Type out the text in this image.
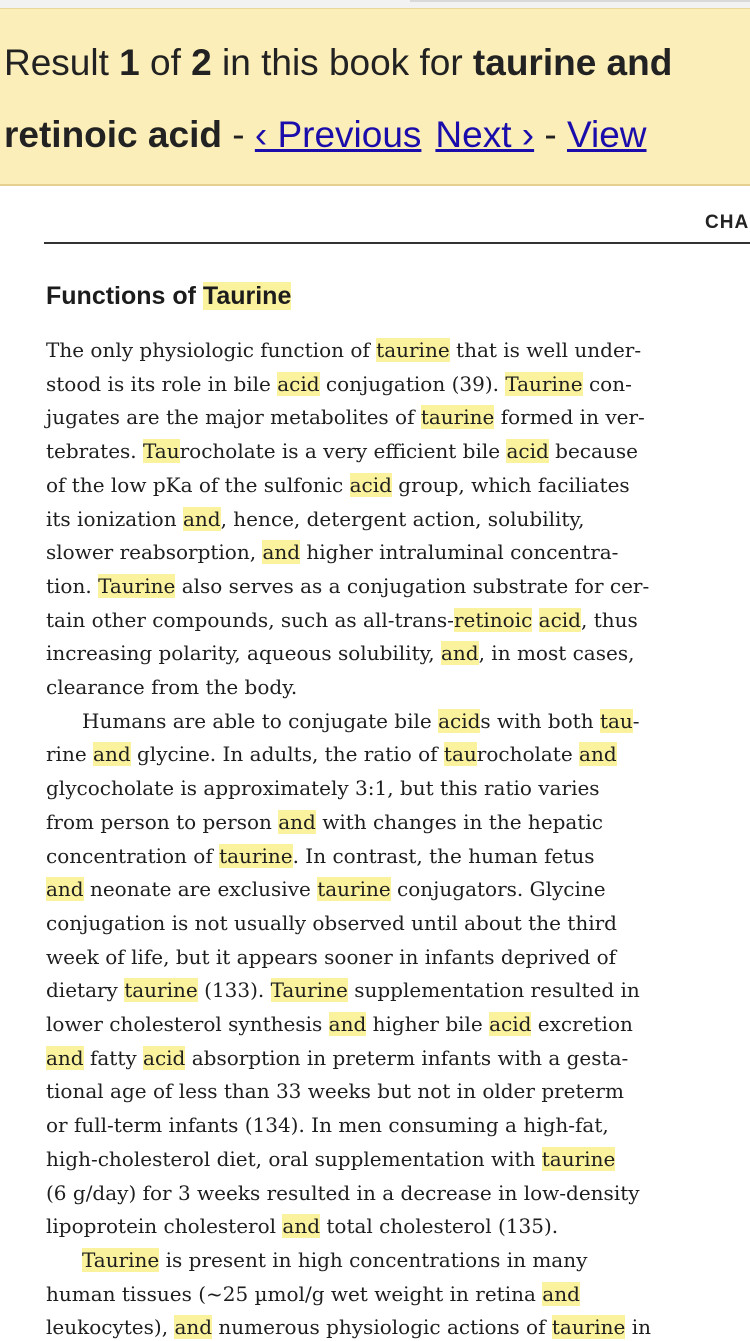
Result 1 of 2 in this book for taurine and
retinoic acid - ‹ Previous Next › - View
CHA
Functions of Taurine
The only physiologic function of taurine that is well under-
stood is its role in bile acid conjugation (39). Taurine con-
jugates are the major metabolites of taurine formed in ver-
tebrates. Taurocholate is a very efficient bile acid because
of the low pKa of the sulfonic acid group, which faciliates
its ionization and, hence, detergent action, solubility,
slower reabsorption, and higher intraluminal concentra-
tion. Taurine also serves as a conjugation substrate for cer-
tain other compounds, such as all-trans-retinoic acid, thus
increasing polarity, aqueous solubility, and, in most cases,
clearance from the body.
Humans are able to conjugate bile acids with both tau-
rine and glycine. In adults, the ratio of taurocholate and
glycocholate is approximately 3:1, but this ratio varies
from person to person and with changes in the hepatic
concentration of taurine. In contrast, the human fetus
and neonate are exclusive taurine conjugators. Glycine
conjugation is not usually observed until about the third
week of life, but it appears sooner in infants deprived of
dietary taurine (133). Taurine supplementation resulted in
lower cholesterol synthesis and higher bile acid excretion
and fatty acid absorption in preterm infants with a gesta-
tional age of less than 33 weeks but not in older preterm
or full-term infants (134). In men consuming a high-fat,
high-cholesterol diet, oral supplementation with taurine
(6 g/day) for 3 weeks resulted in a decrease in low-density
lipoprotein cholesterol and total cholesterol (135).
Taurine is present in high concentrations in many
human tissues (~25 µmol/g wet weight in retina and
leukocytes), and numerous physiologic actions of taurine in
